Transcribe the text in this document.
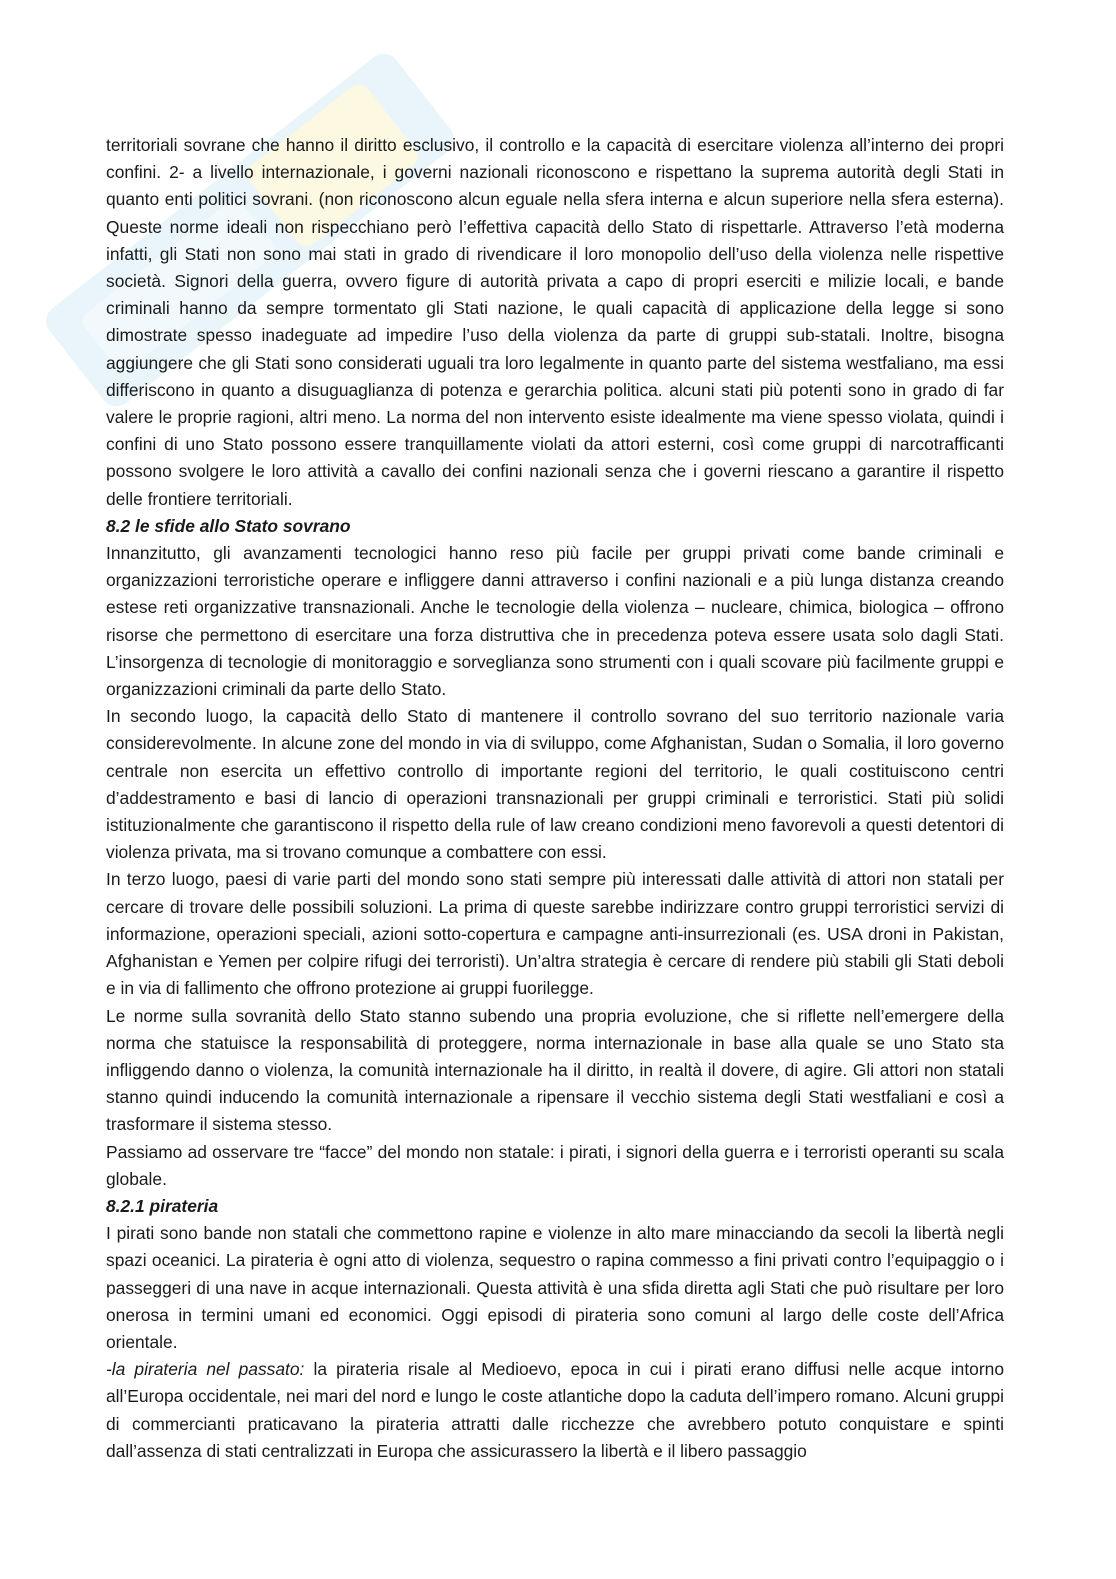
territoriali sovrane che hanno il diritto esclusivo, il controllo e la capacità di esercitare violenza all’interno dei propri confini. 2- a livello internazionale, i governi nazionali riconoscono e rispettano la suprema autorità degli Stati in quanto enti politici sovrani. (non riconoscono alcun eguale nella sfera interna e alcun superiore nella sfera esterna). Queste norme ideali non rispecchiano però l’effettiva capacità dello Stato di rispettarle. Attraverso l’età moderna infatti, gli Stati non sono mai stati in grado di rivendicare il loro monopolio dell’uso della violenza nelle rispettive società. Signori della guerra, ovvero figure di autorità privata a capo di propri eserciti e milizie locali, e bande criminali hanno da sempre tormentato gli Stati nazione, le quali capacità di applicazione della legge si sono dimostrate spesso inadeguate ad impedire l’uso della violenza da parte di gruppi sub-statali. Inoltre, bisogna aggiungere che gli Stati sono considerati uguali tra loro legalmente in quanto parte del sistema westfaliano, ma essi differiscono in quanto a disuguaglianza di potenza e gerarchia politica. alcuni stati più potenti sono in grado di far valere le proprie ragioni, altri meno. La norma del non intervento esiste idealmente ma viene spesso violata, quindi i confini di uno Stato possono essere tranquillamente violati da attori esterni, così come gruppi di narcotrafficanti possono svolgere le loro attività a cavallo dei confini nazionali senza che i governi riescano a garantire il rispetto delle frontiere territoriali.

8.2 le sfide allo Stato sovrano

Innanzitutto, gli avanzamenti tecnologici hanno reso più facile per gruppi privati come bande criminali e organizzazioni terroristiche operare e infliggere danni attraverso i confini nazionali e a più lunga distanza creando estese reti organizzative transnazionali. Anche le tecnologie della violenza – nucleare, chimica, biologica – offrono risorse che permettono di esercitare una forza distruttiva che in precedenza poteva essere usata solo dagli Stati. L’insorgenza di tecnologie di monitoraggio e sorveglianza sono strumenti con i quali scovare più facilmente gruppi e organizzazioni criminali da parte dello Stato.

In secondo luogo, la capacità dello Stato di mantenere il controllo sovrano del suo territorio nazionale varia considerevolmente. In alcune zone del mondo in via di sviluppo, come Afghanistan, Sudan o Somalia, il loro governo centrale non esercita un effettivo controllo di importante regioni del territorio, le quali costituiscono centri d’addestramento e basi di lancio di operazioni transnazionali per gruppi criminali e terroristici. Stati più solidi istituzionalmente che garantiscono il rispetto della rule of law creano condizioni meno favorevoli a questi detentori di violenza privata, ma si trovano comunque a combattere con essi.

In terzo luogo, paesi di varie parti del mondo sono stati sempre più interessati dalle attività di attori non statali per cercare di trovare delle possibili soluzioni. La prima di queste sarebbe indirizzare contro gruppi terroristici servizi di informazione, operazioni speciali, azioni sotto-copertura e campagne anti-insurrezionali (es. USA droni in Pakistan, Afghanistan e Yemen per colpire rifugi dei terroristi). Un’altra strategia è cercare di rendere più stabili gli Stati deboli e in via di fallimento che offrono protezione ai gruppi fuorilegge.

Le norme sulla sovranità dello Stato stanno subendo una propria evoluzione, che si riflette nell’emergere della norma che statuisce la responsabilità di proteggere, norma internazionale in base alla quale se uno Stato sta infliggendo danno o violenza, la comunità internazionale ha il diritto, in realtà il dovere, di agire. Gli attori non statali stanno quindi inducendo la comunità internazionale a ripensare il vecchio sistema degli Stati westfaliani e così a trasformare il sistema stesso.

Passiamo ad osservare tre “facce” del mondo non statale: i pirati, i signori della guerra e i terroristi operanti su scala globale.

8.2.1 pirateria

I pirati sono bande non statali che commettono rapine e violenze in alto mare minacciando da secoli la libertà negli spazi oceanici. La pirateria è ogni atto di violenza, sequestro o rapina commesso a fini privati contro l’equipaggio o i passeggeri di una nave in acque internazionali. Questa attività è una sfida diretta agli Stati che può risultare per loro onerosa in termini umani ed economici. Oggi episodi di pirateria sono comuni al largo delle coste dell’Africa orientale.

-la pirateria nel passato: la pirateria risale al Medioevo, epoca in cui i pirati erano diffusi nelle acque intorno all’Europa occidentale, nei mari del nord e lungo le coste atlantiche dopo la caduta dell’impero romano. Alcuni gruppi di commercianti praticavano la pirateria attratti dalle ricchezze che avrebbero potuto conquistare e spinti dall’assenza di stati centralizzati in Europa che assicurassero la libertà e il libero passaggio
